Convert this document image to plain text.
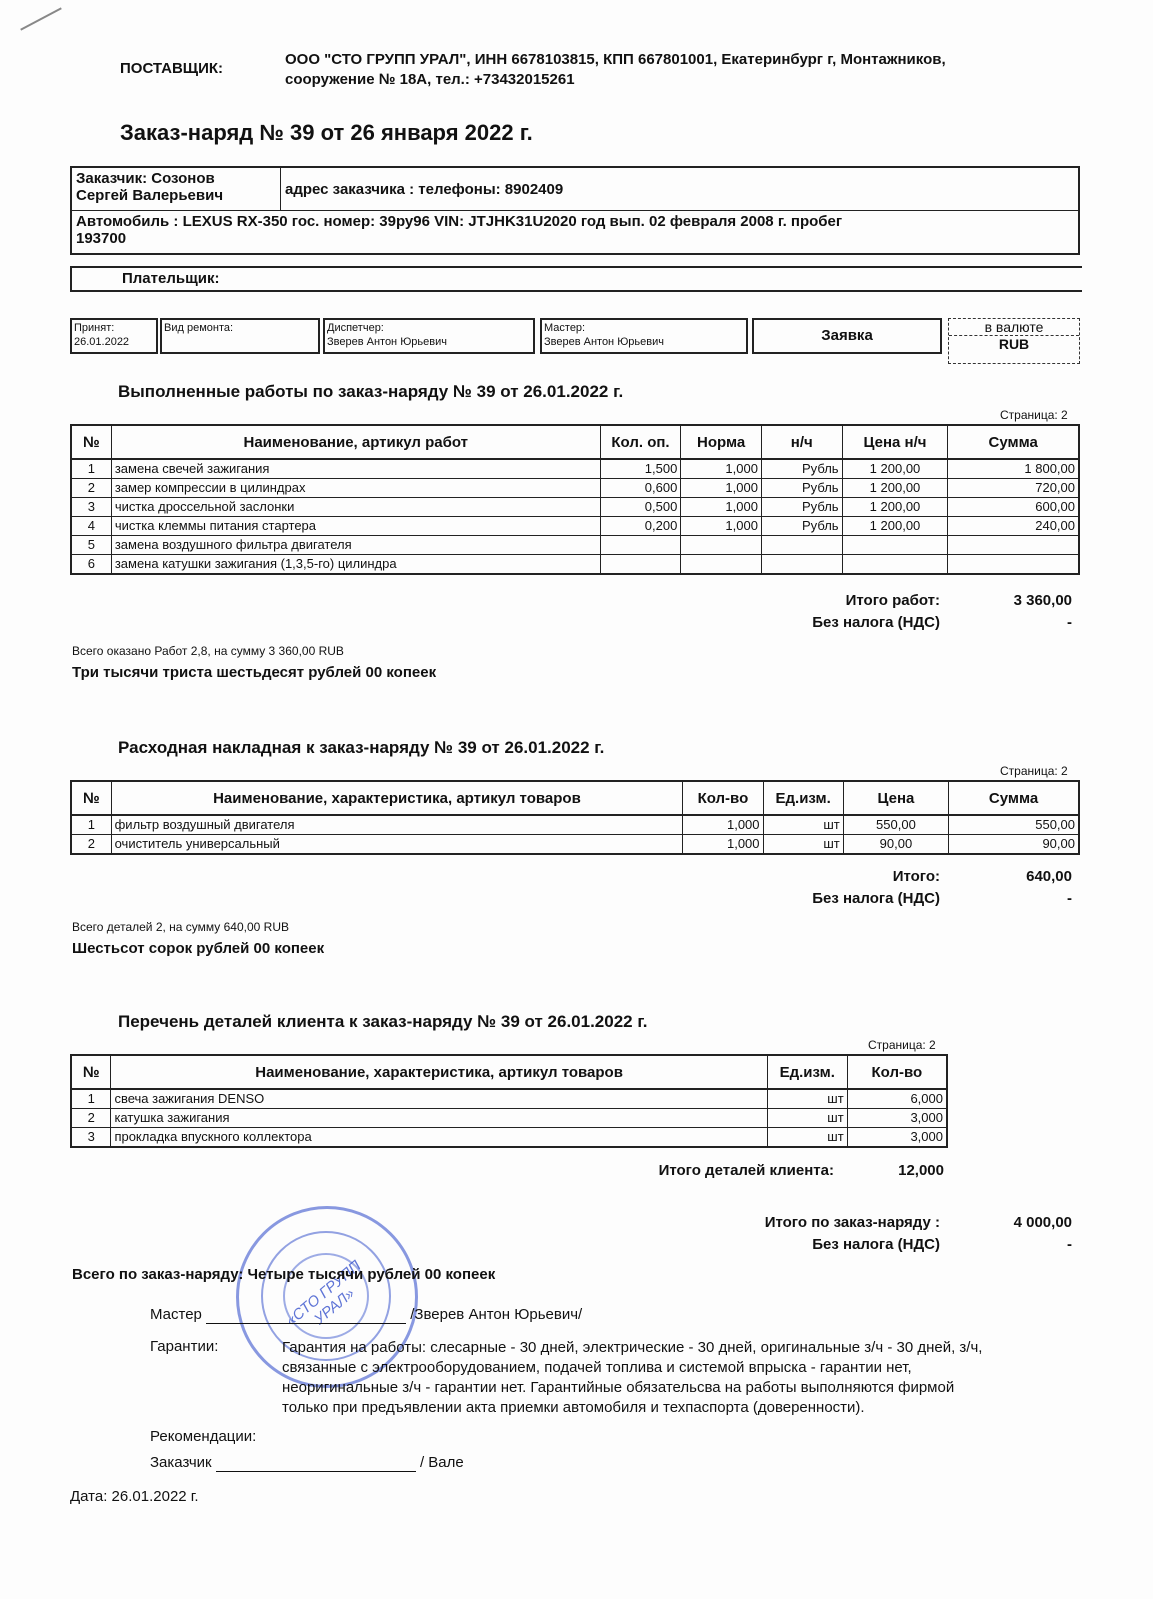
ПОСТАВЩИК:
ООО "СТО ГРУПП УРАЛ", ИНН 6678103815, КПП 667801001, Екатеринбург г, Монтажников,
сооружение № 18А, тел.: +73432015261
Заказ-наряд № 39 от 26 января 2022 г.
Заказчик: Созонов
Сергей Валерьевич	адрес заказчика : телефоны: 8902409

Автомобиль : LEXUS RX-350 гос. номер: 39ру96 VIN: JTJHK31U2020 год вып. 02 февраля 2008 г. пробег
193700
Плательщик:
Принят:
26.01.2022
Вид ремонта:	Диспетчер:
Зверев Антон Юрьевич
Мастер:
Зверев Антон Юрьевич	Заявка	в валюте
RUB
Выполненные работы по заказ-наряду № 39 от 26.01.2022 г.
Страница: 2
№	Наименование, артикул работ	Кол. оп.	Норма	н/ч	Цена н/ч	Сумма
1	замена свечей зажигания	1,500	1,000	Рубль	1 200,00	1 800,00
2	замер компрессии в цилиндрах	0,600	1,000	Рубль	1 200,00	720,00
3	чистка дроссельной заслонки	0,500	1,000	Рубль	1 200,00	600,00
4	чистка клеммы питания стартера	0,200	1,000	Рубль	1 200,00	240,00
5	замена воздушного фильтра двигателя					
6	замена катушки зажигания (1,3,5-го) цилиндра					
Итого работ:	3 360,00
Без налога (НДС)	-
Всего оказано Работ 2,8, на сумму 3 360,00 RUB
Три тысячи триста шестьдесят рублей 00 копеек
Расходная накладная к заказ-наряду № 39 от 26.01.2022 г.
Страница: 2
№	Наименование, характеристика, артикул товаров	Кол-во	Ед.изм.	Цена	Сумма
1	фильтр воздушный двигателя	1,000	шт	550,00	550,00
2	очиститель универсальный	1,000	шт	90,00	90,00
Итого:	640,00
Без налога (НДС)	-
Всего деталей 2, на сумму 640,00 RUB
Шестьсот сорок рублей 00 копеек
Перечень деталей клиента к заказ-наряду № 39 от 26.01.2022 г.
Страница: 2
№	Наименование, характеристика, артикул товаров	Ед.изм.	Кол-во
1	свеча зажигания DENSO	шт	6,000
2	катушка зажигания	шт	3,000
3	прокладка впускного коллектора	шт	3,000
Итого деталей клиента:	12,000
Итого по заказ-наряду :	4 000,00
Без налога (НДС)	-
«СТО ГРУПП УРАЛ»
Всего по заказ-наряду: Четыре тысячи рублей 00 копеек
Мастер	/Зверев Антон Юрьевич/
Гарантии:	Гарантия на работы: слесарные - 30 дней, электрические - 30 дней, оригинальные з/ч - 30 дней, з/ч,
связанные с электрооборудованием, подачей топлива и системой впрыска - гарантии нет,
неоригинальные з/ч - гарантии нет. Гарантийные обязательсва на работы выполняются фирмой
только при предъявлении акта приемки автомобиля и техпаспорта (доверенности).
Рекомендации:
Заказчик	/ Вале
Дата: 26.01.2022 г.
